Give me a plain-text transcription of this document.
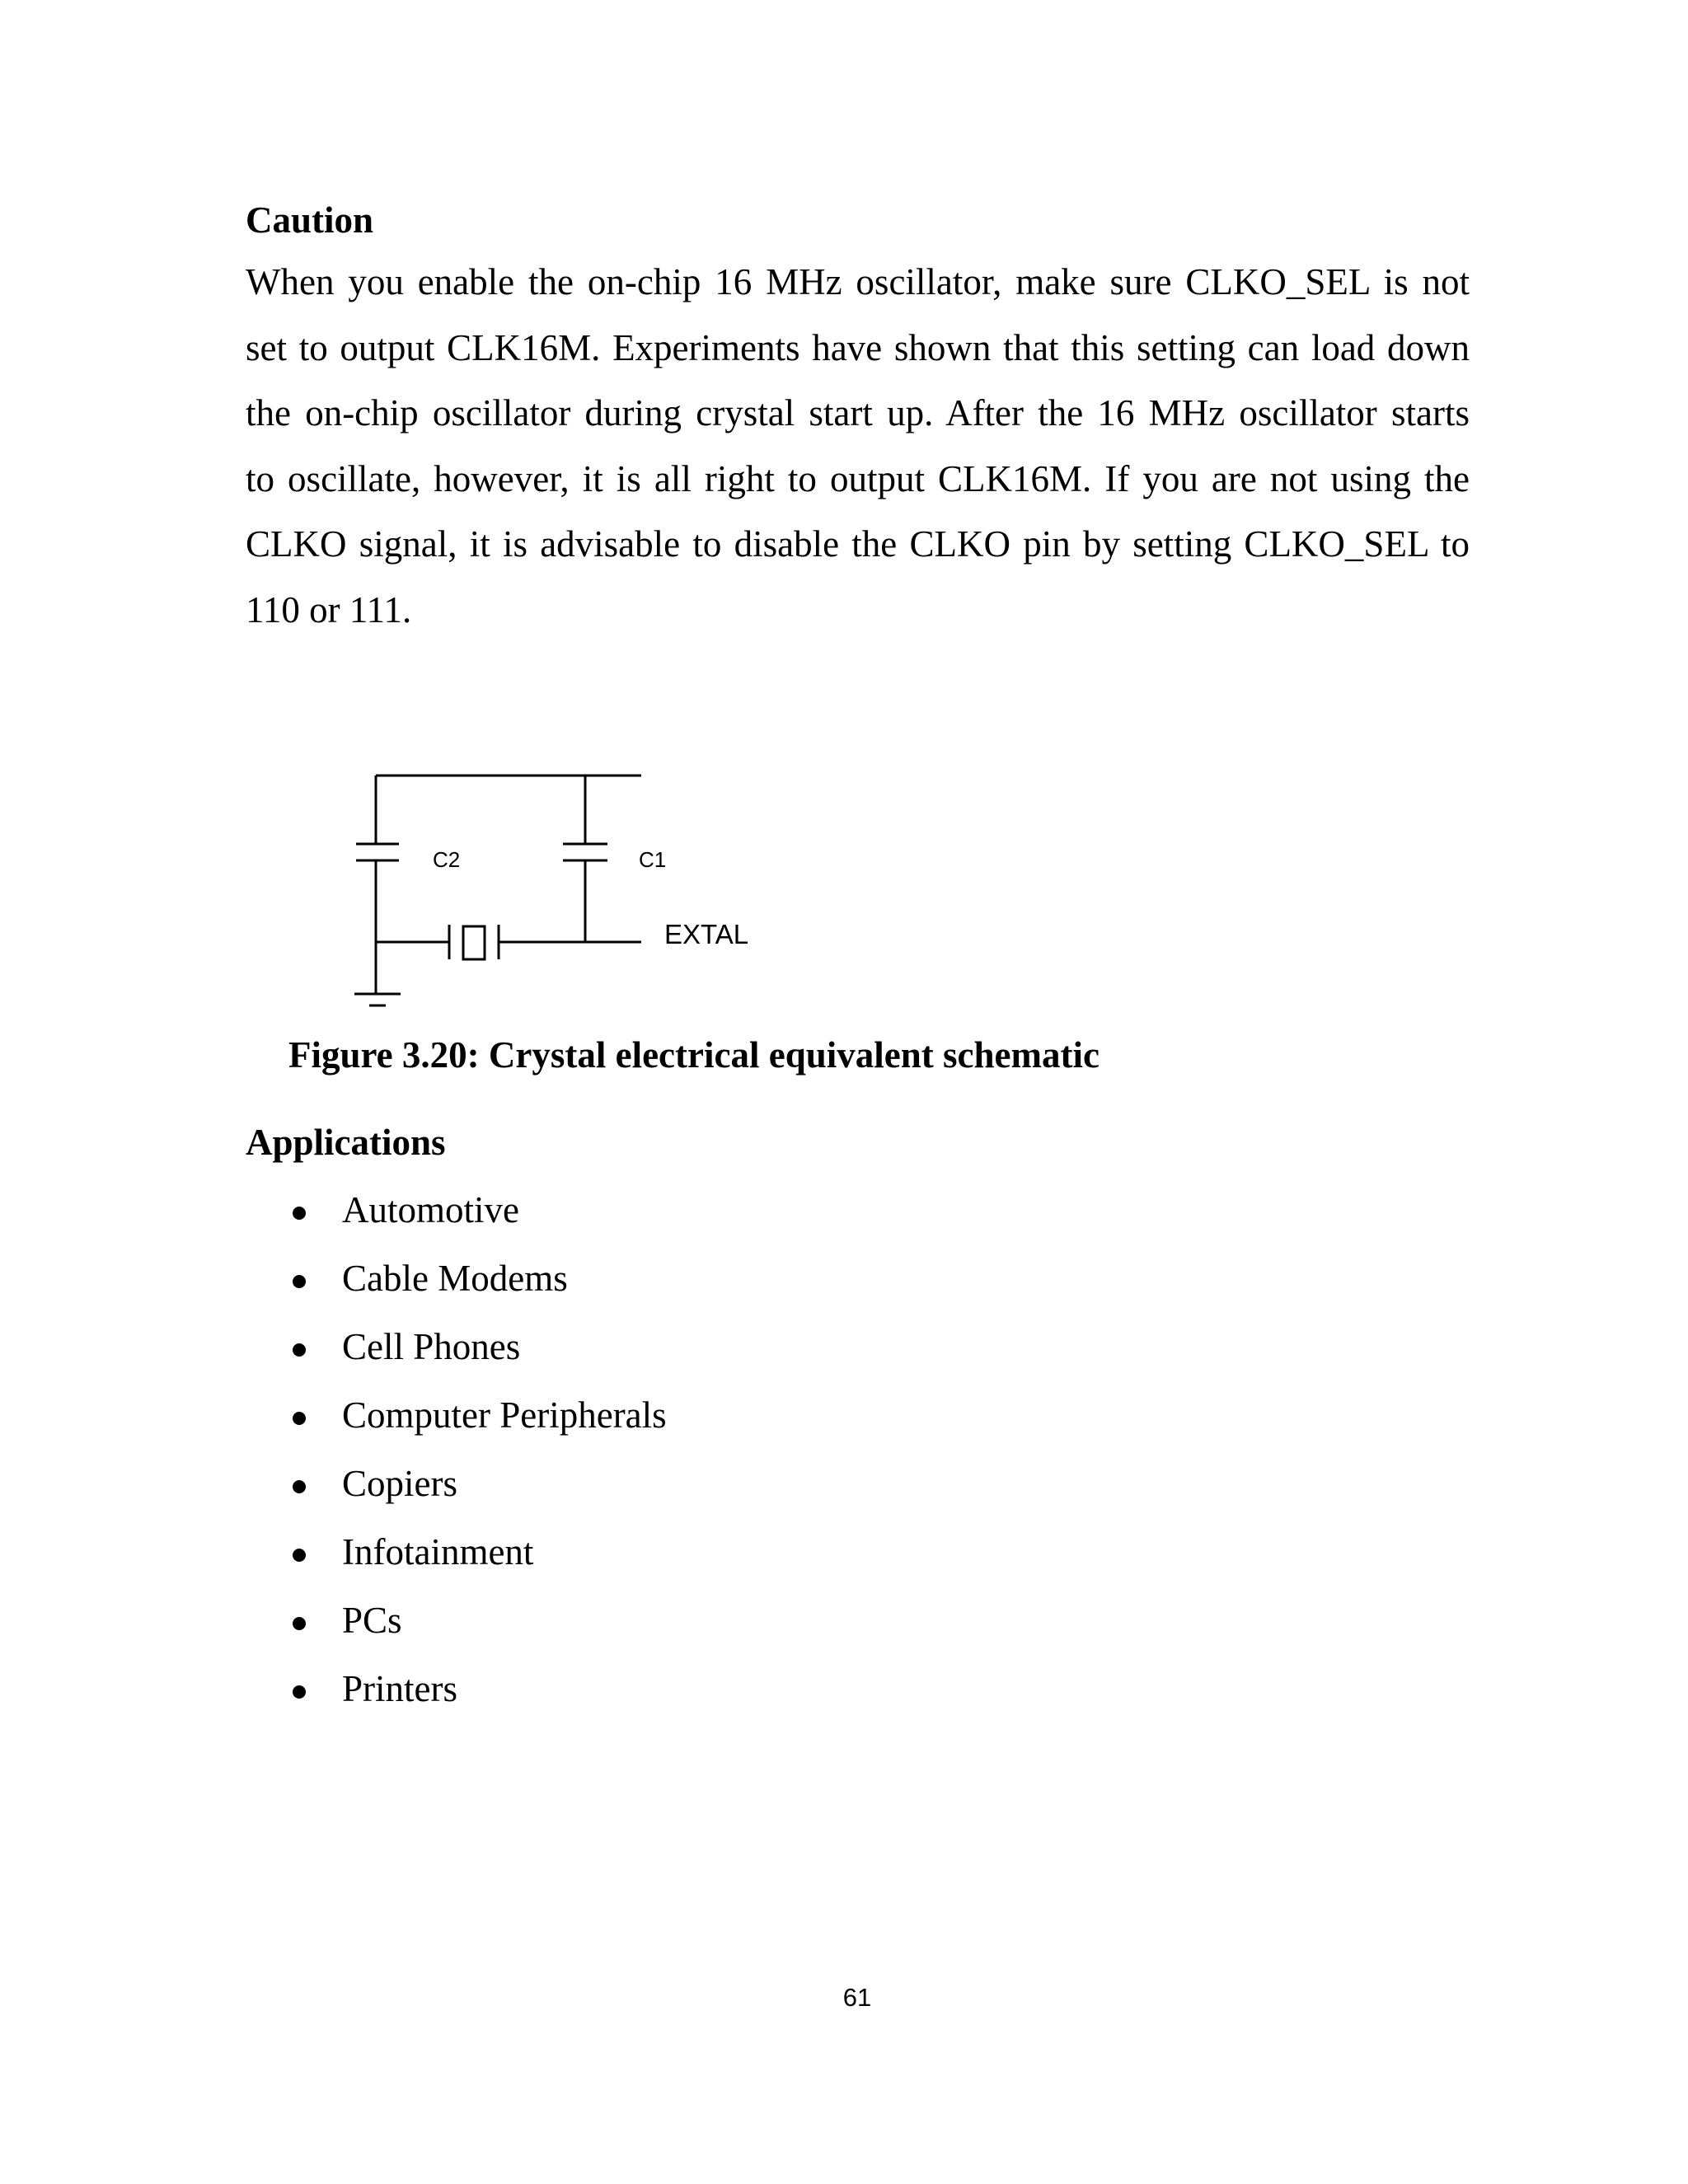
Caution
When you enable the on-chip 16 MHz oscillator, make sure CLKO_SEL is not
set to output CLK16M. Experiments have shown that this setting can load down
the on-chip oscillator during crystal start up. After the 16 MHz oscillator starts
to oscillate, however, it is all right to output CLK16M. If you are not using the
CLKO signal, it is advisable to disable the CLKO pin by setting CLKO_SEL to
110 or 111.
C2	C1
EXTAL
Figure 3.20: Crystal electrical equivalent schematic
Applications
Automotive
Cable Modems
Cell Phones
Computer Peripherals
Copiers
Infotainment
PCs
Printers
61
